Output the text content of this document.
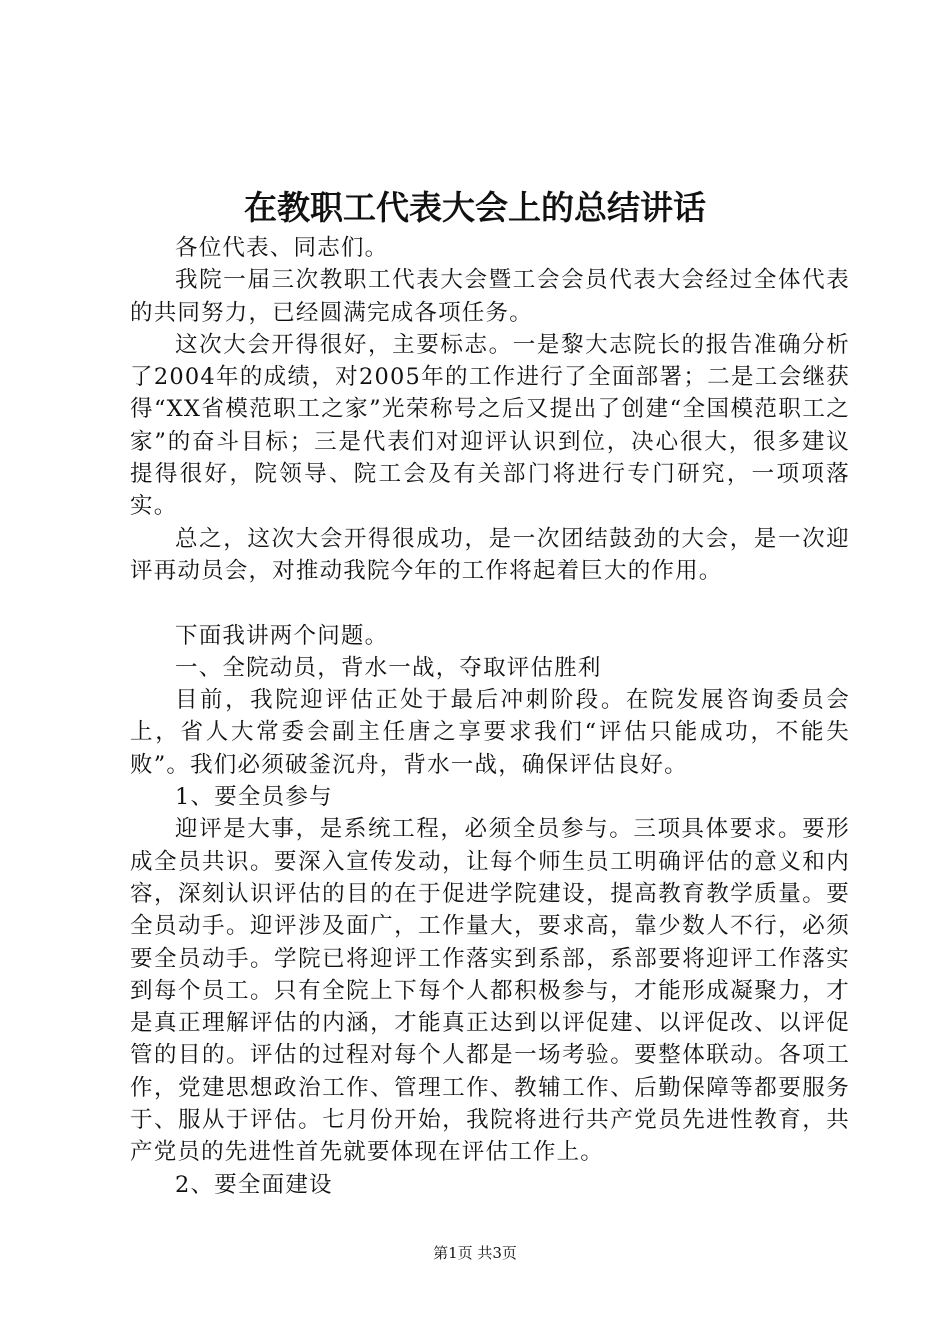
在教职工代表大会上的总结讲话

各位代表、同志们。

我院一届三次教职工代表大会暨工会会员代表大会经过全体代表的共同努力，已经圆满完成各项任务。

这次大会开得很好，主要标志。一是黎大志院长的报告准确分析了2004年的成绩，对2005年的工作进行了全面部署；二是工会继获得“XX省模范职工之家”光荣称号之后又提出了创建“全国模范职工之家”的奋斗目标；三是代表们对迎评认识到位，决心很大，很多建议提得很好，院领导、院工会及有关部门将进行专门研究，一项项落实。

总之，这次大会开得很成功，是一次团结鼓劲的大会，是一次迎评再动员会，对推动我院今年的工作将起着巨大的作用。

下面我讲两个问题。

一、全院动员，背水一战，夺取评估胜利

目前，我院迎评估正处于最后冲刺阶段。在院发展咨询委员会上，省人大常委会副主任唐之享要求我们“评估只能成功，不能失败”。我们必须破釜沉舟，背水一战，确保评估良好。

1、要全员参与

迎评是大事，是系统工程，必须全员参与。三项具体要求。要形成全员共识。要深入宣传发动，让每个师生员工明确评估的意义和内容，深刻认识评估的目的在于促进学院建设，提高教育教学质量。要全员动手。迎评涉及面广，工作量大，要求高，靠少数人不行，必须要全员动手。学院已将迎评工作落实到系部，系部要将迎评工作落实到每个员工。只有全院上下每个人都积极参与，才能形成凝聚力，才是真正理解评估的内涵，才能真正达到以评促建、以评促改、以评促管的目的。评估的过程对每个人都是一场考验。要整体联动。各项工作，党建思想政治工作、管理工作、教辅工作、后勤保障等都要服务于、服从于评估。七月份开始，我院将进行共产党员先进性教育，共产党员的先进性首先就要体现在评估工作上。

2、要全面建设

第1页 共3页
